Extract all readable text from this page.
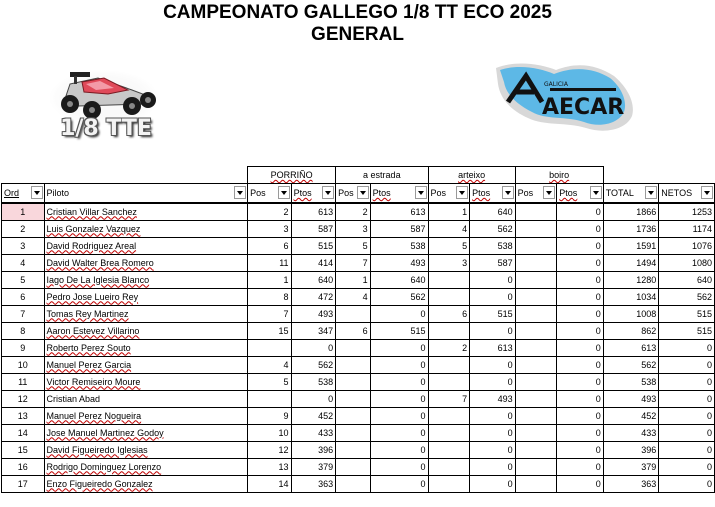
CAMPEONATO GALLEGO 1/8 TT ECO 2025
GENERAL
1/8 TTE
AECAR
GALICIA
		PORRIÑO		a estrada		arteixo		boiro			
Ord	Piloto	Pos	Ptos	Pos	Ptos	Pos	Ptos	Pos	Ptos	TOTAL	NETOS

1	Cristian Villar Sanchez	2	613	2	613	1	640		0	1866	1253
2	Luis Gonzalez Vazquez	3	587	3	587	4	562		0	1736	1174
3	David Rodriguez Areal	6	515	5	538	5	538		0	1591	1076
4	David Walter Brea Romero	11	414	7	493	3	587		0	1494	1080
5	Iago De La Iglesia Blanco	1	640	1	640		0		0	1280	640
6	Pedro Jose Lueiro Rey	8	472	4	562		0		0	1034	562
7	Tomas Rey Martinez	7	493		0	6	515		0	1008	515
8	Aaron Estevez Villarino	15	347	6	515		0		0	862	515
9	Roberto Perez Souto		0		0	2	613		0	613	0
10	Manuel Perez Garcia	4	562		0		0		0	562	0
11	Victor Remiseiro Moure	5	538		0		0		0	538	0
12	Cristian Abad		0		0	7	493		0	493	0
13	Manuel Perez Nogueira	9	452		0		0		0	452	0
14	Jose Manuel Martinez Godoy	10	433		0		0		0	433	0
15	David Figueiredo Iglesias	12	396		0		0		0	396	0
16	Rodrigo Dominguez Lorenzo	13	379		0		0		0	379	0
17	Enzo Figueiredo Gonzalez	14	363		0		0		0	363	0
